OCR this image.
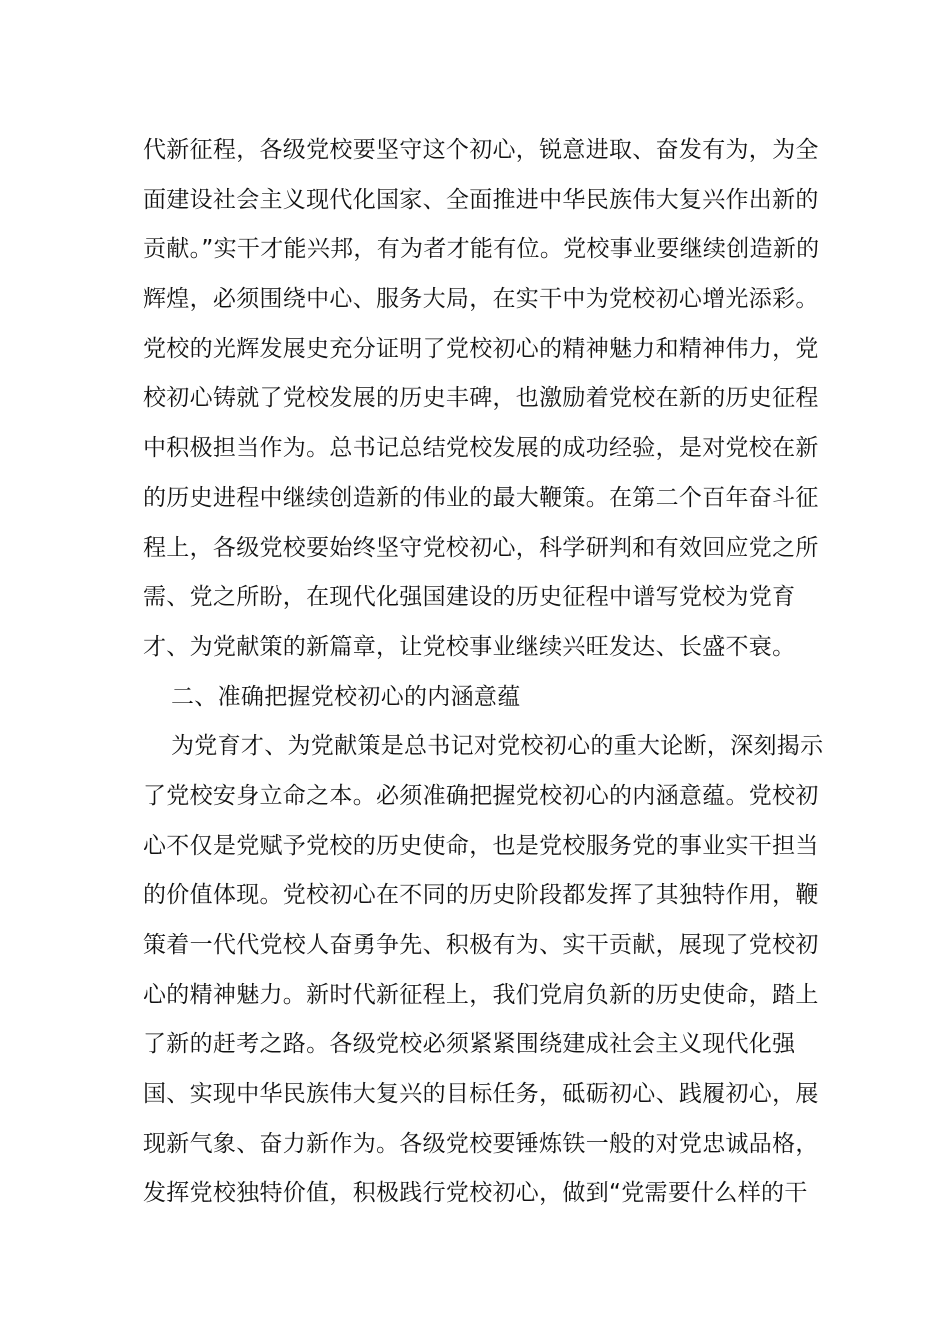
代新征程，各级党校要坚守这个初心，锐意进取、奋发有为，为全
面建设社会主义现代化国家、全面推进中华民族伟大复兴作出新的
贡献。”实干才能兴邦，有为者才能有位。党校事业要继续创造新的
辉煌，必须围绕中心、服务大局，在实干中为党校初心增光添彩。
党校的光辉发展史充分证明了党校初心的精神魅力和精神伟力，党
校初心铸就了党校发展的历史丰碑，也激励着党校在新的历史征程
中积极担当作为。总书记总结党校发展的成功经验，是对党校在新
的历史进程中继续创造新的伟业的最大鞭策。在第二个百年奋斗征
程上，各级党校要始终坚守党校初心，科学研判和有效回应党之所
需、党之所盼，在现代化强国建设的历史征程中谱写党校为党育
才、为党献策的新篇章，让党校事业继续兴旺发达、长盛不衰。
二、准确把握党校初心的内涵意蕴
为党育才、为党献策是总书记对党校初心的重大论断，深刻揭示
了党校安身立命之本。必须准确把握党校初心的内涵意蕴。党校初
心不仅是党赋予党校的历史使命，也是党校服务党的事业实干担当
的价值体现。党校初心在不同的历史阶段都发挥了其独特作用，鞭
策着一代代党校人奋勇争先、积极有为、实干贡献，展现了党校初
心的精神魅力。新时代新征程上，我们党肩负新的历史使命，踏上
了新的赶考之路。各级党校必须紧紧围绕建成社会主义现代化强
国、实现中华民族伟大复兴的目标任务，砥砺初心、践履初心，展
现新气象、奋力新作为。各级党校要锤炼铁一般的对党忠诚品格，
发挥党校独特价值，积极践行党校初心，做到“党需要什么样的干
